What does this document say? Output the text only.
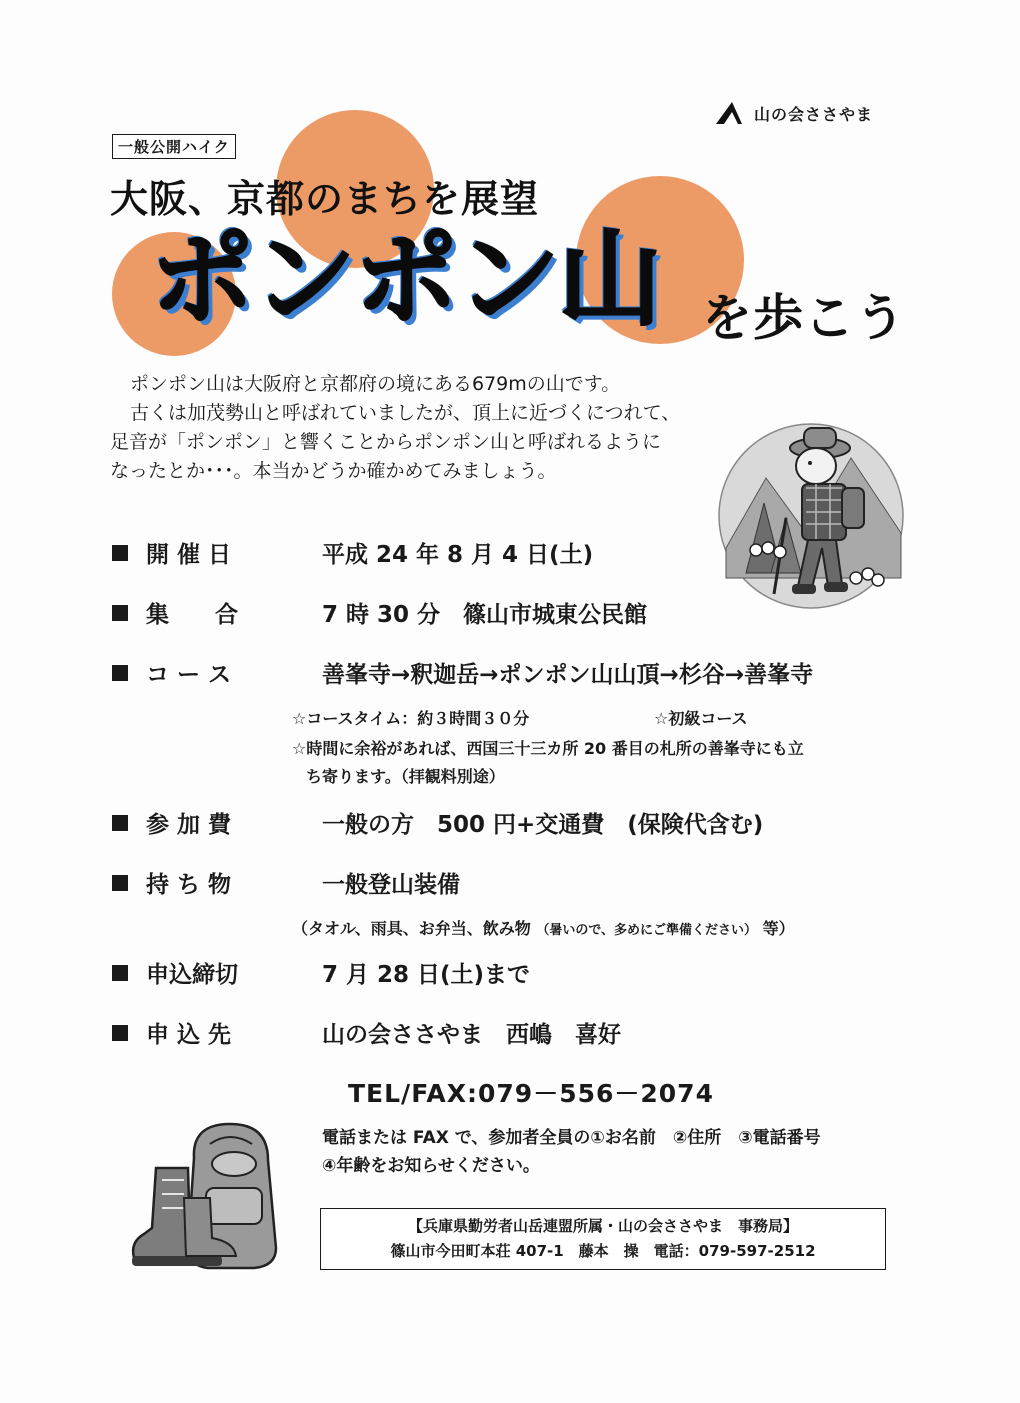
山の会ささやま
一般公開ハイク
大阪、京都のまちを展望
ポンポン山 を歩こう

ポンポン山は大阪府と京都府の境にある679mの山です。

古くは加茂勢山と呼ばれていましたが、頂上に近づくにつれて、

足音が「ポンポン」と響くことからポンポン山と呼ばれるように

なったとか･･･。本当かどうか確かめてみましょう。

開 催 日	平成 24 年 8 月 4 日(土)
集　　合	7 時 30 分　篠山市城東公民館
コ ー ス	善峯寺→釈迦岳→ポンポン山山頂→杉谷→善峯寺
☆コースタイム：約３時間３０分	☆初級コース
☆時間に余裕があれば、西国三十三カ所 20 番目の札所の善峯寺にも立
ち寄ります。（拝観料別途）
参 加 費	一般の方　500 円+交通費　(保険代含む)
持 ち 物	一般登山装備
（タオル、雨具、お弁当、飲み物 （暑いので、多めにご準備ください） 等）
申込締切	7 月 28 日(土)まで
申 込 先	山の会ささやま　西嶋　喜好
TEL/FAX:079－556－2074
電話または FAX で、参加者全員の①お名前　②住所　③電話番号
④年齢をお知らせください。
【兵庫県勤労者山岳連盟所属・山の会ささやま　事務局】
篠山市今田町本荘 407-1　藤本　操　電話：079-597-2512
